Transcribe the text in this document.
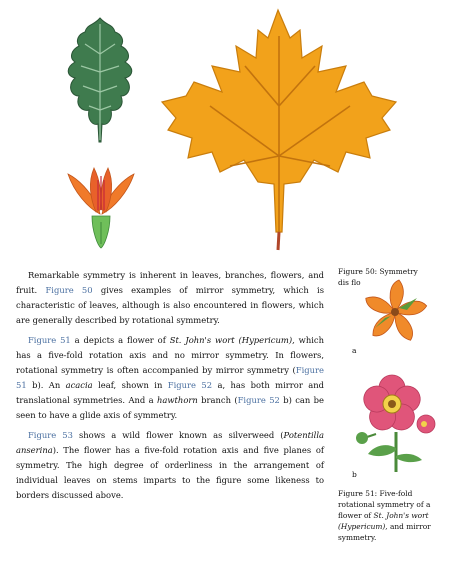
Remarkable symmetry is inherent in leaves, branches, flowers, and fruit. Figure 50 gives examples of mirror symmetry, which is characteristic of leaves, although is also encountered in flowers, which are generally described by rotational symmetry.

Figure 51 a depicts a flower of St. John's wort (Hypericum), which has a five-fold rotation axis and no mirror symmetry. In flowers, rotational symmetry is often accompanied by mirror symmetry (Figure 51 b). An acacia leaf, shown in Figure 52 a, has both mirror and translational symmetries. And a hawthorn branch (Figure 52 b) can be seen to have a glide axis of symmetry.

Figure 53 shows a wild flower known as silverweed (Potentilla anserina). The flower has a five-fold rotation axis and five planes of symmetry. The high degree of orderliness in the arrangement of individual leaves on stems imparts to the figure some likeness to borders discussed above.

Figure 50: Symmetry dis flo
a
b
Figure 51: Five-fold rotational symmetry of a flower of St. John's wort (Hypericum), and mirror symmetry.
